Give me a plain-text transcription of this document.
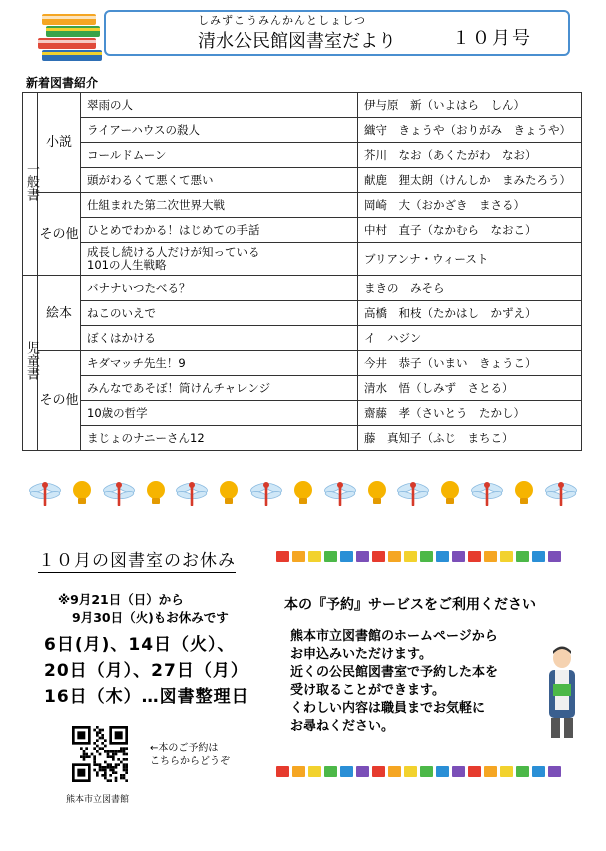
しみずこうみんかんとしょしつ
清水公民館図書室だより	１０月号
新着図書紹介
一般書	小説	翠雨の人	伊与原　新（いよはら　しん）
		ライアーハウスの殺人	織守　きょうや（おりがみ　きょうや）
		コールドムーン	芥川　なお（あくたがわ　なお）
		頭がわるくて悪くて悪い	献鹿　狸太朗（けんしか　まみたろう）
	その他	仕組まれた第二次世界大戦	岡崎　大（おかざき　まさる）
		ひとめでわかる！はじめての手話	中村　直子（なかむら　なおこ）

		成長し続ける人だけが知っている
101の人生戦略	ブリアンナ・ウィースト
児童書	絵本	バナナいつたべる？	まきの　みそら
		ねこのいえで	高橋　和枝（たかはし　かずえ）
		ぼくはかける	イ　ハジン
	その他	キダマッチ先生！9	今井　恭子（いまい　きょうこ）
		みんなであそぼ！筒けんチャレンジ	清水　悟（しみず　さとる）
		10歳の哲学	齋藤　孝（さいとう　たかし）
		まじょのナニーさん12	藤　真知子（ふじ　まちこ）
１０月の図書室のお休み
※9月21日（日）から
9月30日（火)もお休みです
6日(月)、14日（火）、
20日（月）、27日（月）
16日（木）…図書整理日
←本のご予約は
こちらからどうぞ
熊本市立図書館
本の『予約』サービスをご利用ください
熊本市立図書館のホームページから
お申込みいただけます。
近くの公民館図書室で予約した本を
受け取ることができます。
くわしい内容は職員までお気軽に
お尋ねください。
